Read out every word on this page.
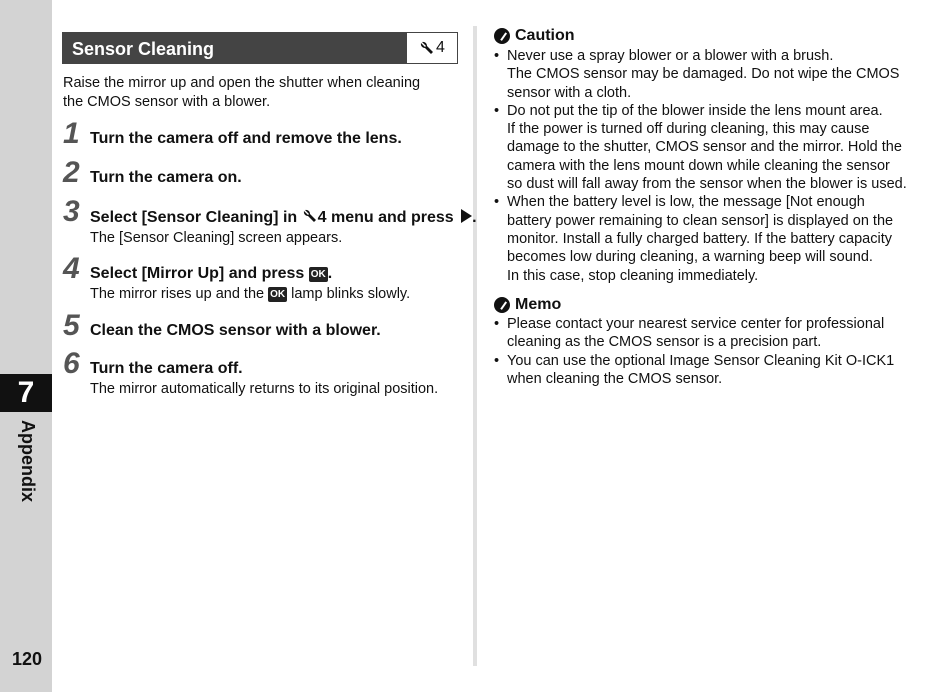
7
Appendix
120
Sensor Cleaning	4
Raise the mirror up and open the shutter when cleaning
the CMOS sensor with a blower.
1 Turn the camera off and remove the lens.
2 Turn the camera on.
3 Select [Sensor Cleaning] in 4 menu and press .
The [Sensor Cleaning] screen appears.
4 Select [Mirror Up] and press OK .
The mirror rises up and the OK lamp blinks slowly.
5 Clean the CMOS sensor with a blower.
6 Turn the camera off.
The mirror automatically returns to its original position.
Caution
• Never use a spray blower or a blower with a brush.
The CMOS sensor may be damaged. Do not wipe the CMOS
sensor with a cloth.
• Do not put the tip of the blower inside the lens mount area.
If the power is turned off during cleaning, this may cause
damage to the shutter, CMOS sensor and the mirror. Hold the
camera with the lens mount down while cleaning the sensor
so dust will fall away from the sensor when the blower is used.
• When the battery level is low, the message [Not enough
battery power remaining to clean sensor] is displayed on the
monitor. Install a fully charged battery. If the battery capacity
becomes low during cleaning, a warning beep will sound.
In this case, stop cleaning immediately.
Memo
• Please contact your nearest service center for professional
cleaning as the CMOS sensor is a precision part.
• You can use the optional Image Sensor Cleaning Kit O-ICK1
when cleaning the CMOS sensor.
